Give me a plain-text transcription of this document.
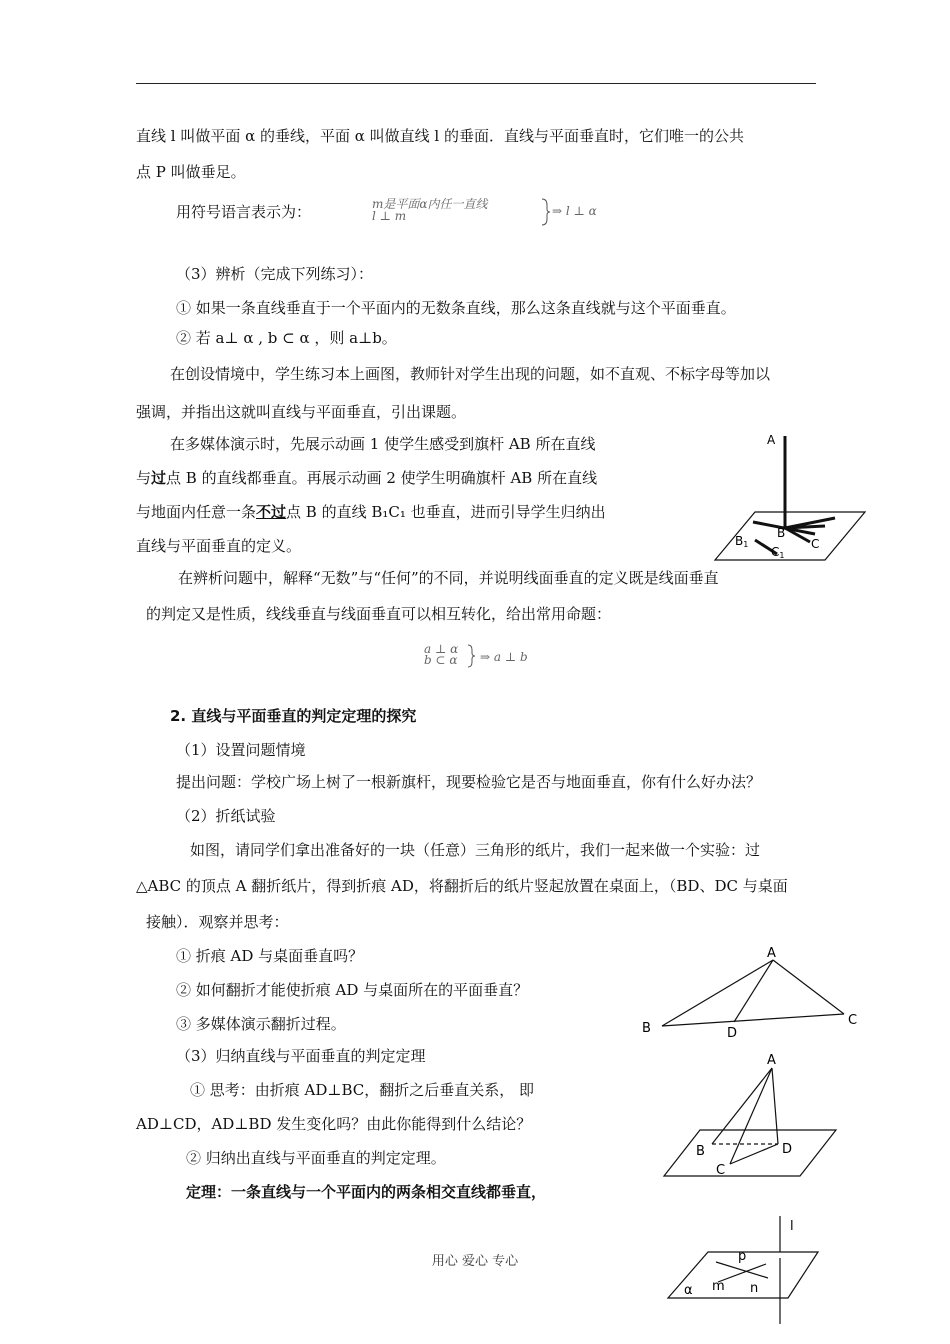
直线 l 叫做平面 α 的垂线，平面 α 叫做直线 l 的垂面．直线与平面垂直时，它们唯一的公共
点 P 叫做垂足。
用符号语言表示为：	m是平面α内任一直线
l ⊥ m	⇒ l ⊥ α
（3）辨析（完成下列练习）：
① 如果一条直线垂直于一个平面内的无数条直线，那么这条直线就与这个平面垂直。
② 若 a⊥ α , b ⊂ α ，则 a⊥b。
在创设情境中，学生练习本上画图，教师针对学生出现的问题，如不直观、不标字母等加以
强调，并指出这就叫直线与平面垂直，引出课题。
在多媒体演示时，先展示动画 1 使学生感受到旗杆 AB 所在直线
与过点 B 的直线都垂直。再展示动画 2 使学生明确旗杆 AB 所在直线
与地面内任意一条不过点 B 的直线 B₁C₁ 也垂直，进而引导学生归纳出
直线与平面垂直的定义。
A
B
B1
C1
C
在辨析问题中，解释“无数”与“任何”的不同，并说明线面垂直的定义既是线面垂直
的判定又是性质，线线垂直与线面垂直可以相互转化，给出常用命题：
a ⊥ α
b ⊂ α ⇒ a ⊥ b
2. 直线与平面垂直的判定定理的探究
（1）设置问题情境
提出问题：学校广场上树了一根新旗杆，现要检验它是否与地面垂直，你有什么好办法？
（2）折纸试验
如图，请同学们拿出准备好的一块（任意）三角形的纸片，我们一起来做一个实验：过
△ABC 的顶点 A 翻折纸片，得到折痕 AD，将翻折后的纸片竖起放置在桌面上，（BD、DC 与桌面
接触）．观察并思考：
① 折痕 AD 与桌面垂直吗？
② 如何翻折才能使折痕 AD 与桌面所在的平面垂直？
③ 多媒体演示翻折过程。
A
B	D
C
（3）归纳直线与平面垂直的判定定理
① 思考：由折痕 AD⊥BC，翻折之后垂直关系， 即
AD⊥CD，AD⊥BD 发生变化吗？由此你能得到什么结论？
② 归纳出直线与平面垂直的判定定理。
定理：一条直线与一个平面内的两条相交直线都垂直，
A
B	D
C
l
p
α m n
用心 爱心 专心
